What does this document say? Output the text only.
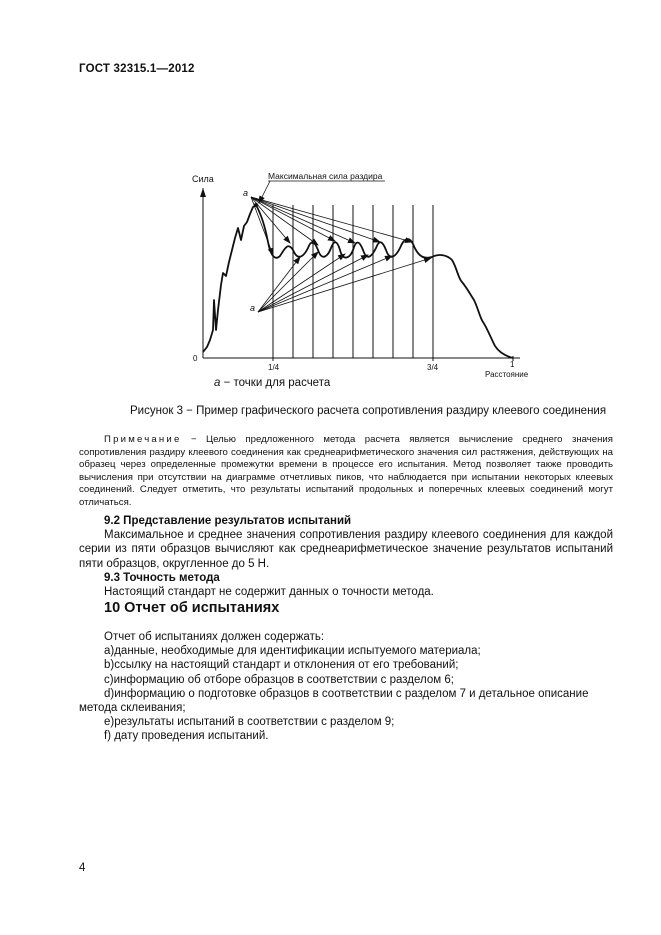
ГОСТ 32315.1—2012
Сила
0
1/4	3/4	1
Расстояние
Максимальная сила раздира
a
a
a − точки для расчета
Рисунок 3 − Пример графического расчета сопротивления раздиру клеевого соединения
Примечание − Целью предложенного метода расчета является вычисление среднего значения сопротивления раздиру клеевого соединения как среднеарифметического значения сил растяжения, действующих на образец через определенные промежутки времени в процессе его испытания. Метод позволяет также проводить вычисления при отсутствии на диаграмме отчетливых пиков, что наблюдается при испытании некоторых клеевых соединений. Следует отметить, что результаты испытаний продольных и поперечных клеевых соединений могут отличаться.
9.2 Представление результатов испытаний
Максимальное и среднее значения сопротивления раздиру клеевого соединения для каждой серии из пяти образцов вычисляют как среднеарифметическое значение результатов испытаний пяти образцов, округленное до 5 Н.
9.3 Точность метода
Настоящий стандарт не содержит данных о точности метода.
10 Отчет об испытаниях
Отчет об испытаниях должен содержать:
a)данные, необходимые для идентификации испытуемого материала;
b)ссылку на настоящий стандарт и отклонения от его требований;
c)информацию об отборе образцов в соответствии с разделом 6;
d)информацию о подготовке образцов в соответствии с разделом 7 и детальное описание метода склеивания;
e)результаты испытаний в соответствии с разделом 9;
f) дату проведения испытаний.
4
